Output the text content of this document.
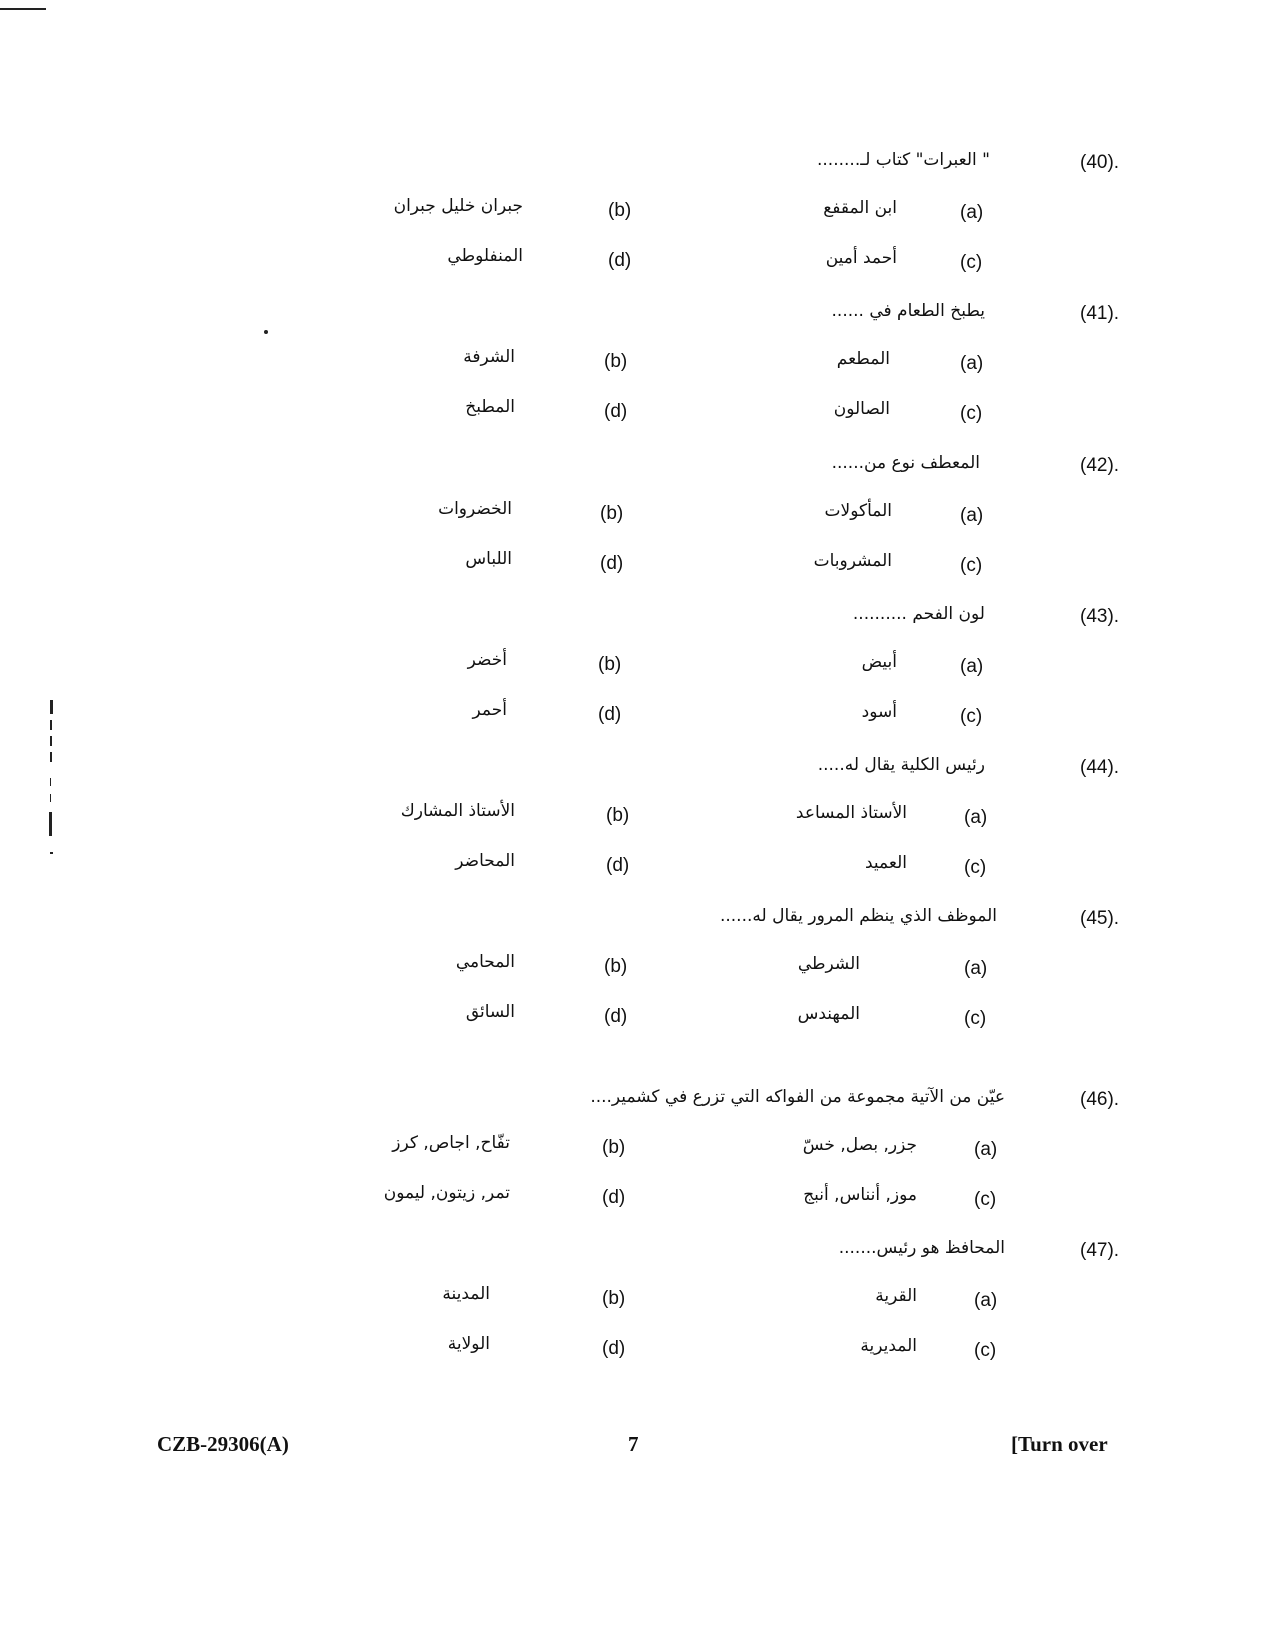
(40).
" العبرات" كتاب لـ........
(a)
ابن المقفع
(b)
جبران خليل جبران
(c)
أحمد أمين
(d)
المنفلوطي
(41).
يطبخ الطعام في ......
(a)
المطعم
(b)
الشرفة
(c)
الصالون
(d)
المطبخ
(42).
المعطف نوع من......
(a)
المأكولات
(b)
الخضروات
(c)
المشروبات
(d)
اللباس
(43).
لون الفحم ..........
(a)
أبيض
(b)
أخضر
(c)
أسود
(d)
أحمر
(44).
رئيس الكلية يقال له.....
(a)
الأستاذ المساعد
(b)
الأستاذ المشارك
(c)
العميد
(d)
المحاضر
(45).
الموظف الذي ينظم المرور يقال له......
(a)
الشرطي
(b)
المحامي
(c)
المهندس
(d)
السائق
(46).
عيّن من الآتية مجموعة من الفواكه التي تزرع في كشمير....
(a)
جزر, بصل, خسّ
(b)
تفّاح, اجاص, كرز
(c)
موز, أنناس, أنبج
(d)
تمر, زيتون, ليمون
(47).
المحافظ هو رئيس.......
(a)
القرية
(b)
المدينة
(c)
المديرية
(d)
الولاية
CZB-29306(A)	7	[Turn over
